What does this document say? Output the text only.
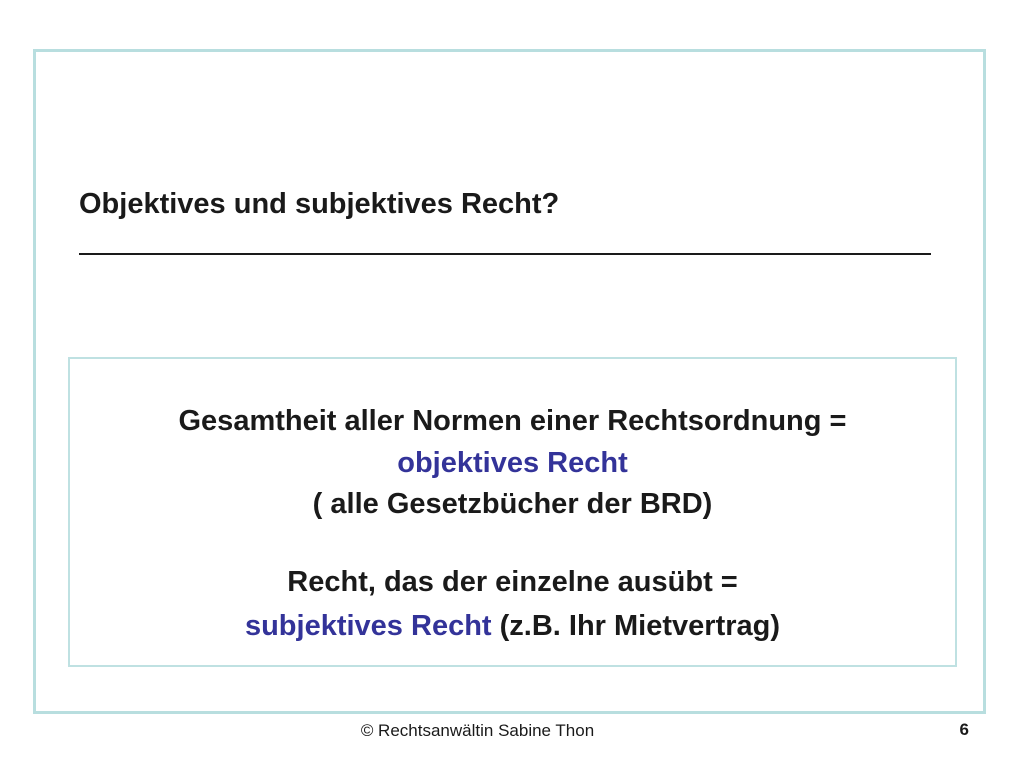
Objektives und subjektives Recht?
Gesamtheit aller Normen einer Rechtsordnung =
objektives Recht
( alle Gesetzbücher der BRD)
Recht, das der einzelne ausübt =
subjektives Recht (z.B. Ihr Mietvertrag)
© Rechtsanwältin Sabine Thon	6
